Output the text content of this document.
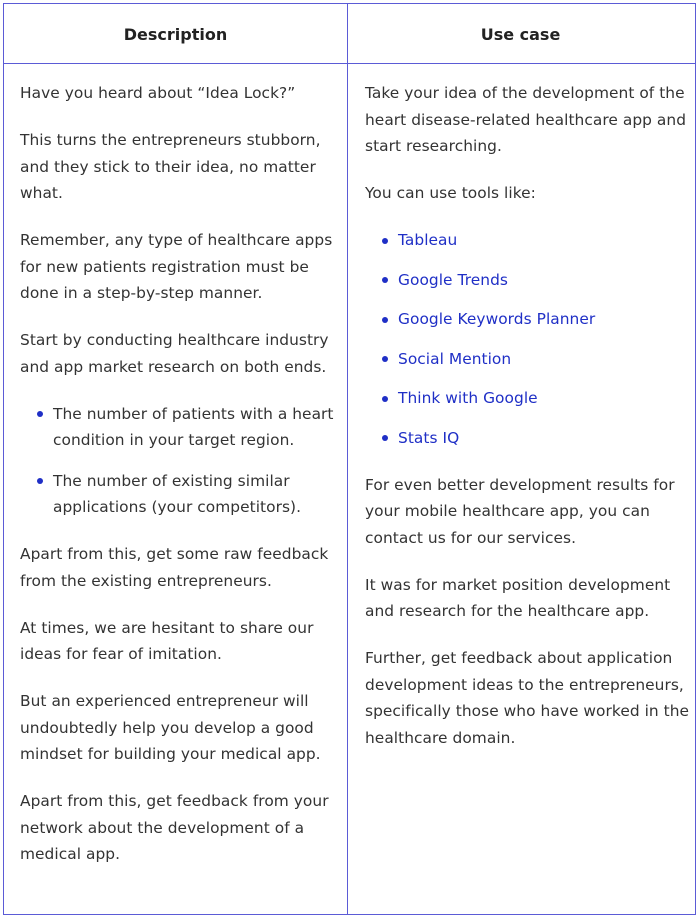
Description	Use case

Have you heard about “Idea Lock?”

This turns the entrepreneurs stubborn, and they stick to their idea, no matter what.

Remember, any type of healthcare apps for new patients registration must be done in a step-by-step manner.

Start by conducting healthcare industry and app market research on both ends.

The number of patients with a heart condition in your target region.
The number of existing similar applications (your competitors).

Apart from this, get some raw feedback from the existing entrepreneurs.

At times, we are hesitant to share our ideas for fear of imitation.

But an experienced entrepreneur will undoubtedly help you develop a good mindset for building your medical app.

Apart from this, get feedback from your network about the development of a medical app.

Take your idea of the development of the heart disease-related healthcare app and start researching.

You can use tools like:

Tableau
Google Trends
Google Keywords Planner
Social Mention
Think with Google
Stats IQ

For even better development results for your mobile healthcare app, you can contact us for our services.

It was for market position development and research for the healthcare app.

Further, get feedback about application development ideas to the entrepreneurs, specifically those who have worked in the healthcare domain.
